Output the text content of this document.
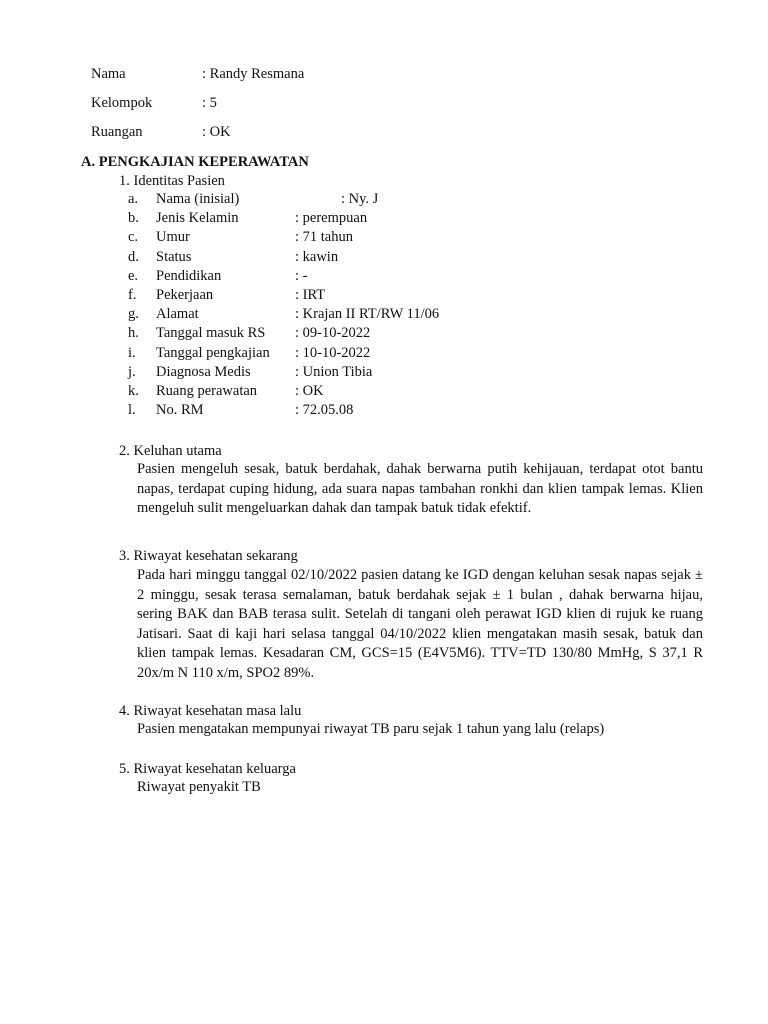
Nama	: Randy Resmana
Kelompok	: 5
Ruangan	: OK
A. PENGKAJIAN KEPERAWATAN
1. Identitas Pasien
a. Nama (inisial)	: Ny. J
b. Jenis Kelamin	: perempuan
c. Umur	: 71 tahun
d. Status	: kawin
e. Pendidikan	: -
f. Pekerjaan	: IRT
g. Alamat	: Krajan II RT/RW 11/06
h. Tanggal masuk RS : 09-10-2022
i. Tanggal pengkajian : 10-10-2022
j. Diagnosa Medis	: Union Tibia
k. Ruang perawatan	: OK
l. No. RM	: 72.05.08
2. Keluhan utama

Pasien mengeluh sesak, batuk berdahak, dahak berwarna putih kehijauan, terdapat otot bantu napas, terdapat cuping hidung, ada suara napas tambahan ronkhi dan klien tampak lemas. Klien mengeluh sulit mengeluarkan dahak dan tampak batuk tidak efektif.

3. Riwayat kesehatan sekarang

Pada hari minggu tanggal 02/10/2022 pasien datang ke IGD dengan keluhan sesak napas sejak ± 2 minggu, sesak terasa semalaman, batuk berdahak sejak ± 1 bulan , dahak berwarna hijau, sering BAK dan BAB terasa sulit. Setelah di tangani oleh perawat IGD klien di rujuk ke ruang Jatisari. Saat di kaji hari selasa tanggal 04/10/2022 klien mengatakan masih sesak, batuk dan klien tampak lemas. Kesadaran CM, GCS=15 (E4V5M6). TTV=TD 130/80 MmHg, S 37,1 R 20x/m N 110 x/m, SPO2 89%.

4. Riwayat kesehatan masa lalu

Pasien mengatakan mempunyai riwayat TB paru sejak 1 tahun yang lalu (relaps)

5. Riwayat kesehatan keluarga

Riwayat penyakit TB
